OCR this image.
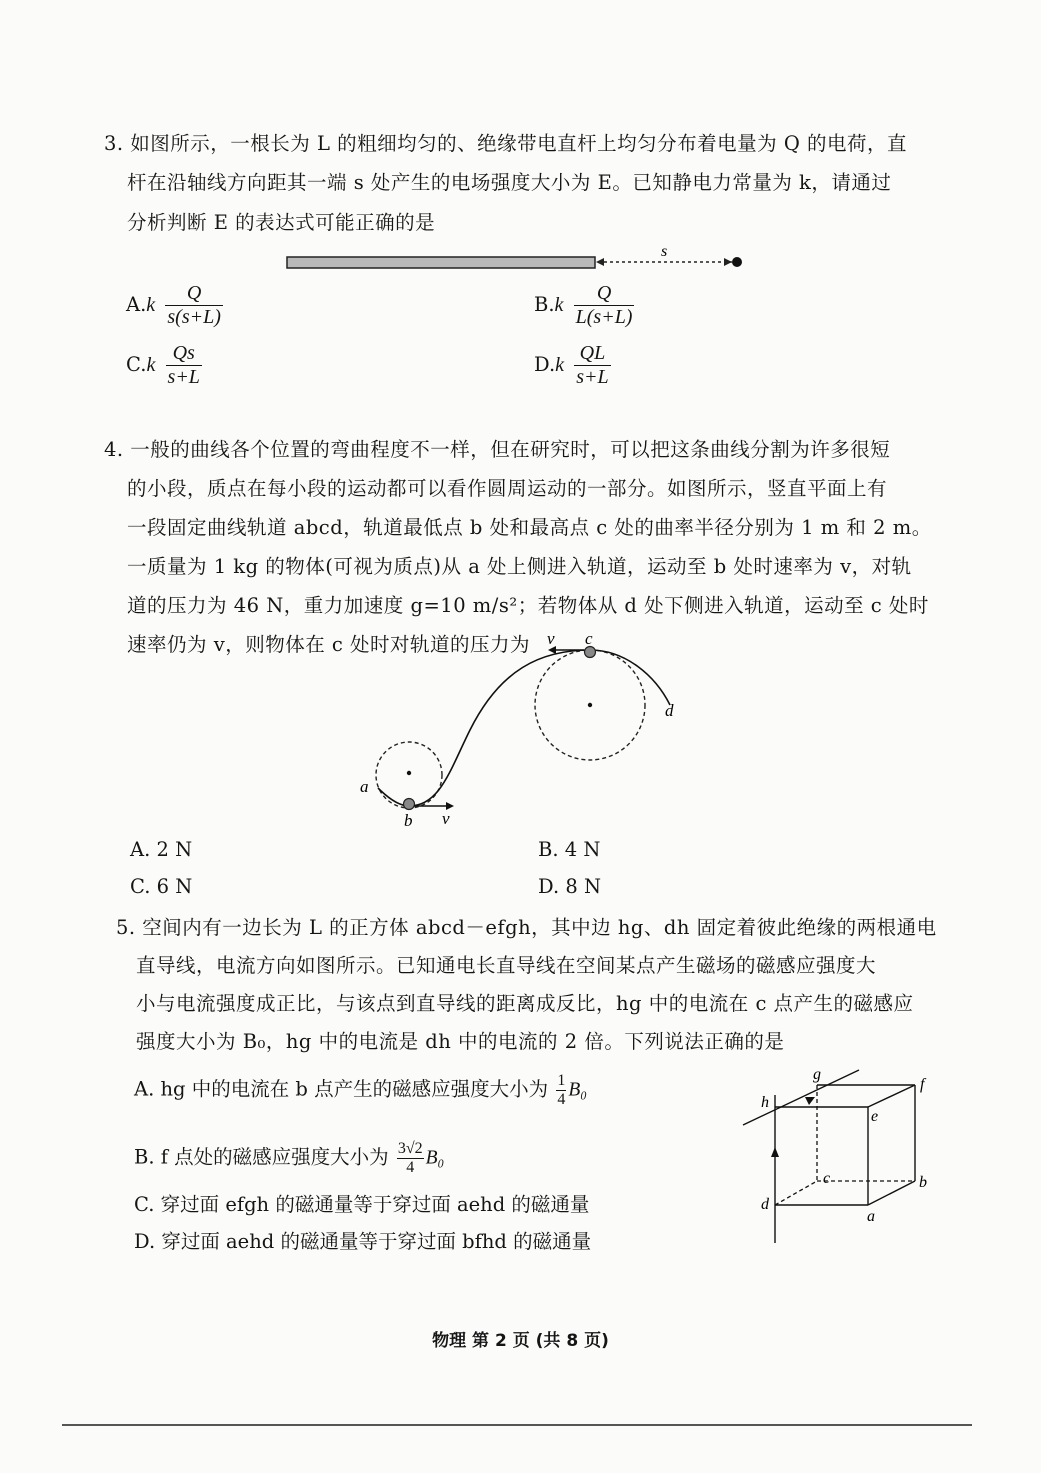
3. 如图所示，一根长为 L 的粗细均匀的、绝缘带电直杆上均匀分布着电量为 Q 的电荷，直
杆在沿轴线方向距其一端 s 处产生的电场强度大小为 E。已知静电力常量为 k，请通过
分析判断 E 的表达式可能正确的是
s
$A.k \frac{Q}{s(s+L)}$	$B.k \frac{Q}{L(s+L)}$
$C.k \frac{Qs}{s+L}$	$D.k \frac{QL}{s+L}$
4. 一般的曲线各个位置的弯曲程度不一样，但在研究时，可以把这条曲线分割为许多很短
的小段，质点在每小段的运动都可以看作圆周运动的一部分。如图所示，竖直平面上有
一段固定曲线轨道 abcd，轨道最低点 b 处和最高点 c 处的曲率半径分别为 1 m 和 2 m。
一质量为 1 kg 的物体(可视为质点)从 a 处上侧进入轨道，运动至 b 处时速率为 v，对轨
道的压力为 46 N，重力加速度 g=10 m/s²；若物体从 d 处下侧进入轨道，运动至 c 处时
速率仍为 v，则物体在 c 处时对轨道的压力为
a
b v
c
v
d
A. 2 N	B. 4 N
C. 6 N	D. 8 N
5. 空间内有一边长为 L 的正方体 abcd－efgh，其中边 hg、dh 固定着彼此绝缘的两根通电
直导线，电流方向如图所示。已知通电长直导线在空间某点产生磁场的磁感应强度大
小与电流强度成正比，与该点到直导线的距离成反比，hg 中的电流在 c 点产生的磁感应
强度大小为 B₀，hg 中的电流是 dh 中的电流的 2 倍。下列说法正确的是
A. hg 中的电流在 b 点产生的磁感应强度大小为 $\frac{1}{4} B_0$
B. f 点处的磁感应强度大小为 $\frac{3√2}{4} B_0$
C. 穿过面 efgh 的磁通量等于穿过面 aehd 的磁通量
D. 穿过面 aehd 的磁通量等于穿过面 bfhd 的磁通量
g
f
h
e
c	b
d
a
物理 第 2 页 (共 8 页)
